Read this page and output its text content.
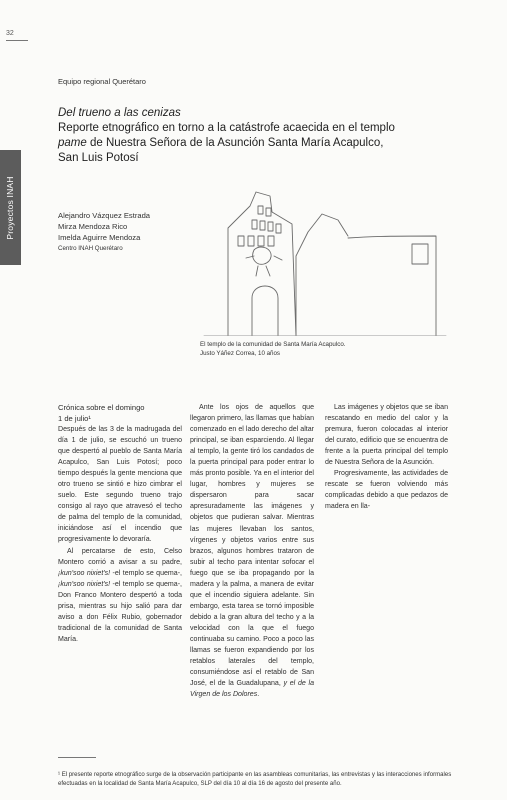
32
Proyectos INAH
Equipo regional Querétaro
Del trueno a las cenizas
Reporte etnográfico en torno a la catástrofe acaecida en el templo
pame de Nuestra Señora de la Asunción Santa María Acapulco,
San Luis Potosí
Alejandro Vázquez Estrada
Mirza Mendoza Rico
Imelda Aguirre Mendoza
Centro INAH Querétaro
El templo de la comunidad de Santa María Acapulco.
Justo Yáñez Correa, 10 años

Crónica sobre el domingo

1 de julio¹

Después de las 3 de la madrugada del día 1 de julio, se escuchó un trueno que despertó al pueblo de Santa María Acapulco, San Luis Potosí; poco tiempo después la gente menciona que otro trueno se sintió e hizo cimbrar el suelo. Este segundo trueno trajo consigo al rayo que atravesó el techo de palma del templo de la comunidad, iniciándose así el incendio que progresivamente lo devoraría.

Al percatarse de esto, Celso Montero corrió a avisar a su padre, ¡kun'soo nixiet's! -el templo se quema-, ¡kun'soo nixiet's! -el templo se quema-, Don Franco Montero despertó a toda prisa, mientras su hijo salió para dar aviso a don Félix Rubio, gobernador tradicional de la comunidad de Santa María.

Ante los ojos de aquellos que llegaron primero, las llamas que habían comenzado en el lado derecho del altar principal, se iban esparciendo. Al llegar al templo, la gente tiró los candados de la puerta principal para poder entrar lo más pronto posible. Ya en el interior del lugar, hombres y mujeres se dispersaron para sacar apresuradamente las imágenes y objetos que pudieran salvar. Mientras las mujeres llevaban los santos, vírgenes y objetos varios entre sus brazos, algunos hombres trataron de subir al techo para intentar sofocar el fuego que se iba propagando por la madera y la palma, a manera de evitar que el incendio siguiera adelante. Sin embargo, esta tarea se tornó imposible debido a la gran altura del techo y a la velocidad con la que el fuego continuaba su camino. Poco a poco las llamas se fueron expandiendo por los retablos laterales del templo, consumiéndose así el retablo de San José, el de la Guadalupana, y el de la Virgen de los Dolores.

Las imágenes y objetos que se iban rescatando en medio del calor y la premura, fueron colocadas al interior del curato, edificio que se encuentra de frente a la puerta principal del templo de Nuestra Señora de la Asunción.

Progresivamente, las actividades de rescate se fueron volviendo más complicadas debido a que pedazos de madera en lla-

¹ El presente reporte etnográfico surge de la observación participante en las asambleas comunitarias, las entrevistas y las interacciones informales efectuadas en la localidad de Santa María Acapulco, SLP del día 10 al día 16 de agosto del presente año.
